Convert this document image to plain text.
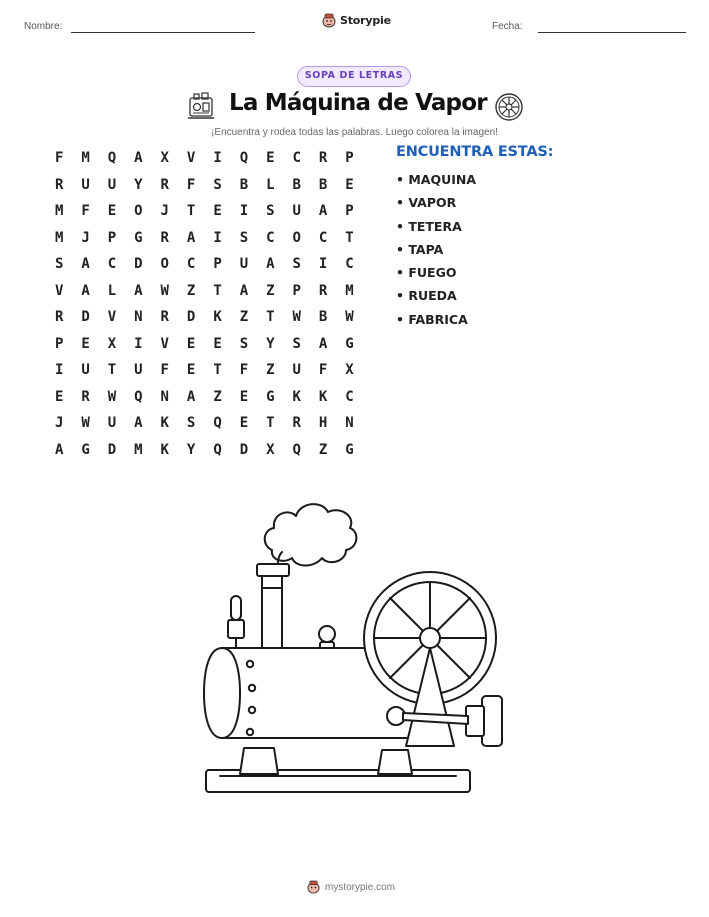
Nombre:	Storypie	Fecha:
SOPA DE LETRAS
La Máquina de Vapor
¡Encuentra y rodea todas las palabras. Luego colorea la imagen!
F	M	Q	A	X	V	I	Q	E	C	R	P
R	U	U	Y	R	F	S	B	L	B	B	E
M	F	E	O	J	T	E	I	S	U	A	P
M	J	P	G	R	A	I	S	C	O	C	T
S	A	C	D	O	C	P	U	A	S	I	C
V	A	L	A	W	Z	T	A	Z	P	R	M
R	D	V	N	R	D	K	Z	T	W	B	W
P	E	X	I	V	E	E	S	Y	S	A	G
I	U	T	U	F	E	T	F	Z	U	F	X
E	R	W	Q	N	A	Z	E	G	K	K	C
J	W	U	A	K	S	Q	E	T	R	H	N
A	G	D	M	K	Y	Q	D	X	Q	Z	G
ENCUENTRA ESTAS:
• MAQUINA
• VAPOR
• TETERA
• TAPA
• FUEGO
• RUEDA
• FABRICA
mystorypie.com
